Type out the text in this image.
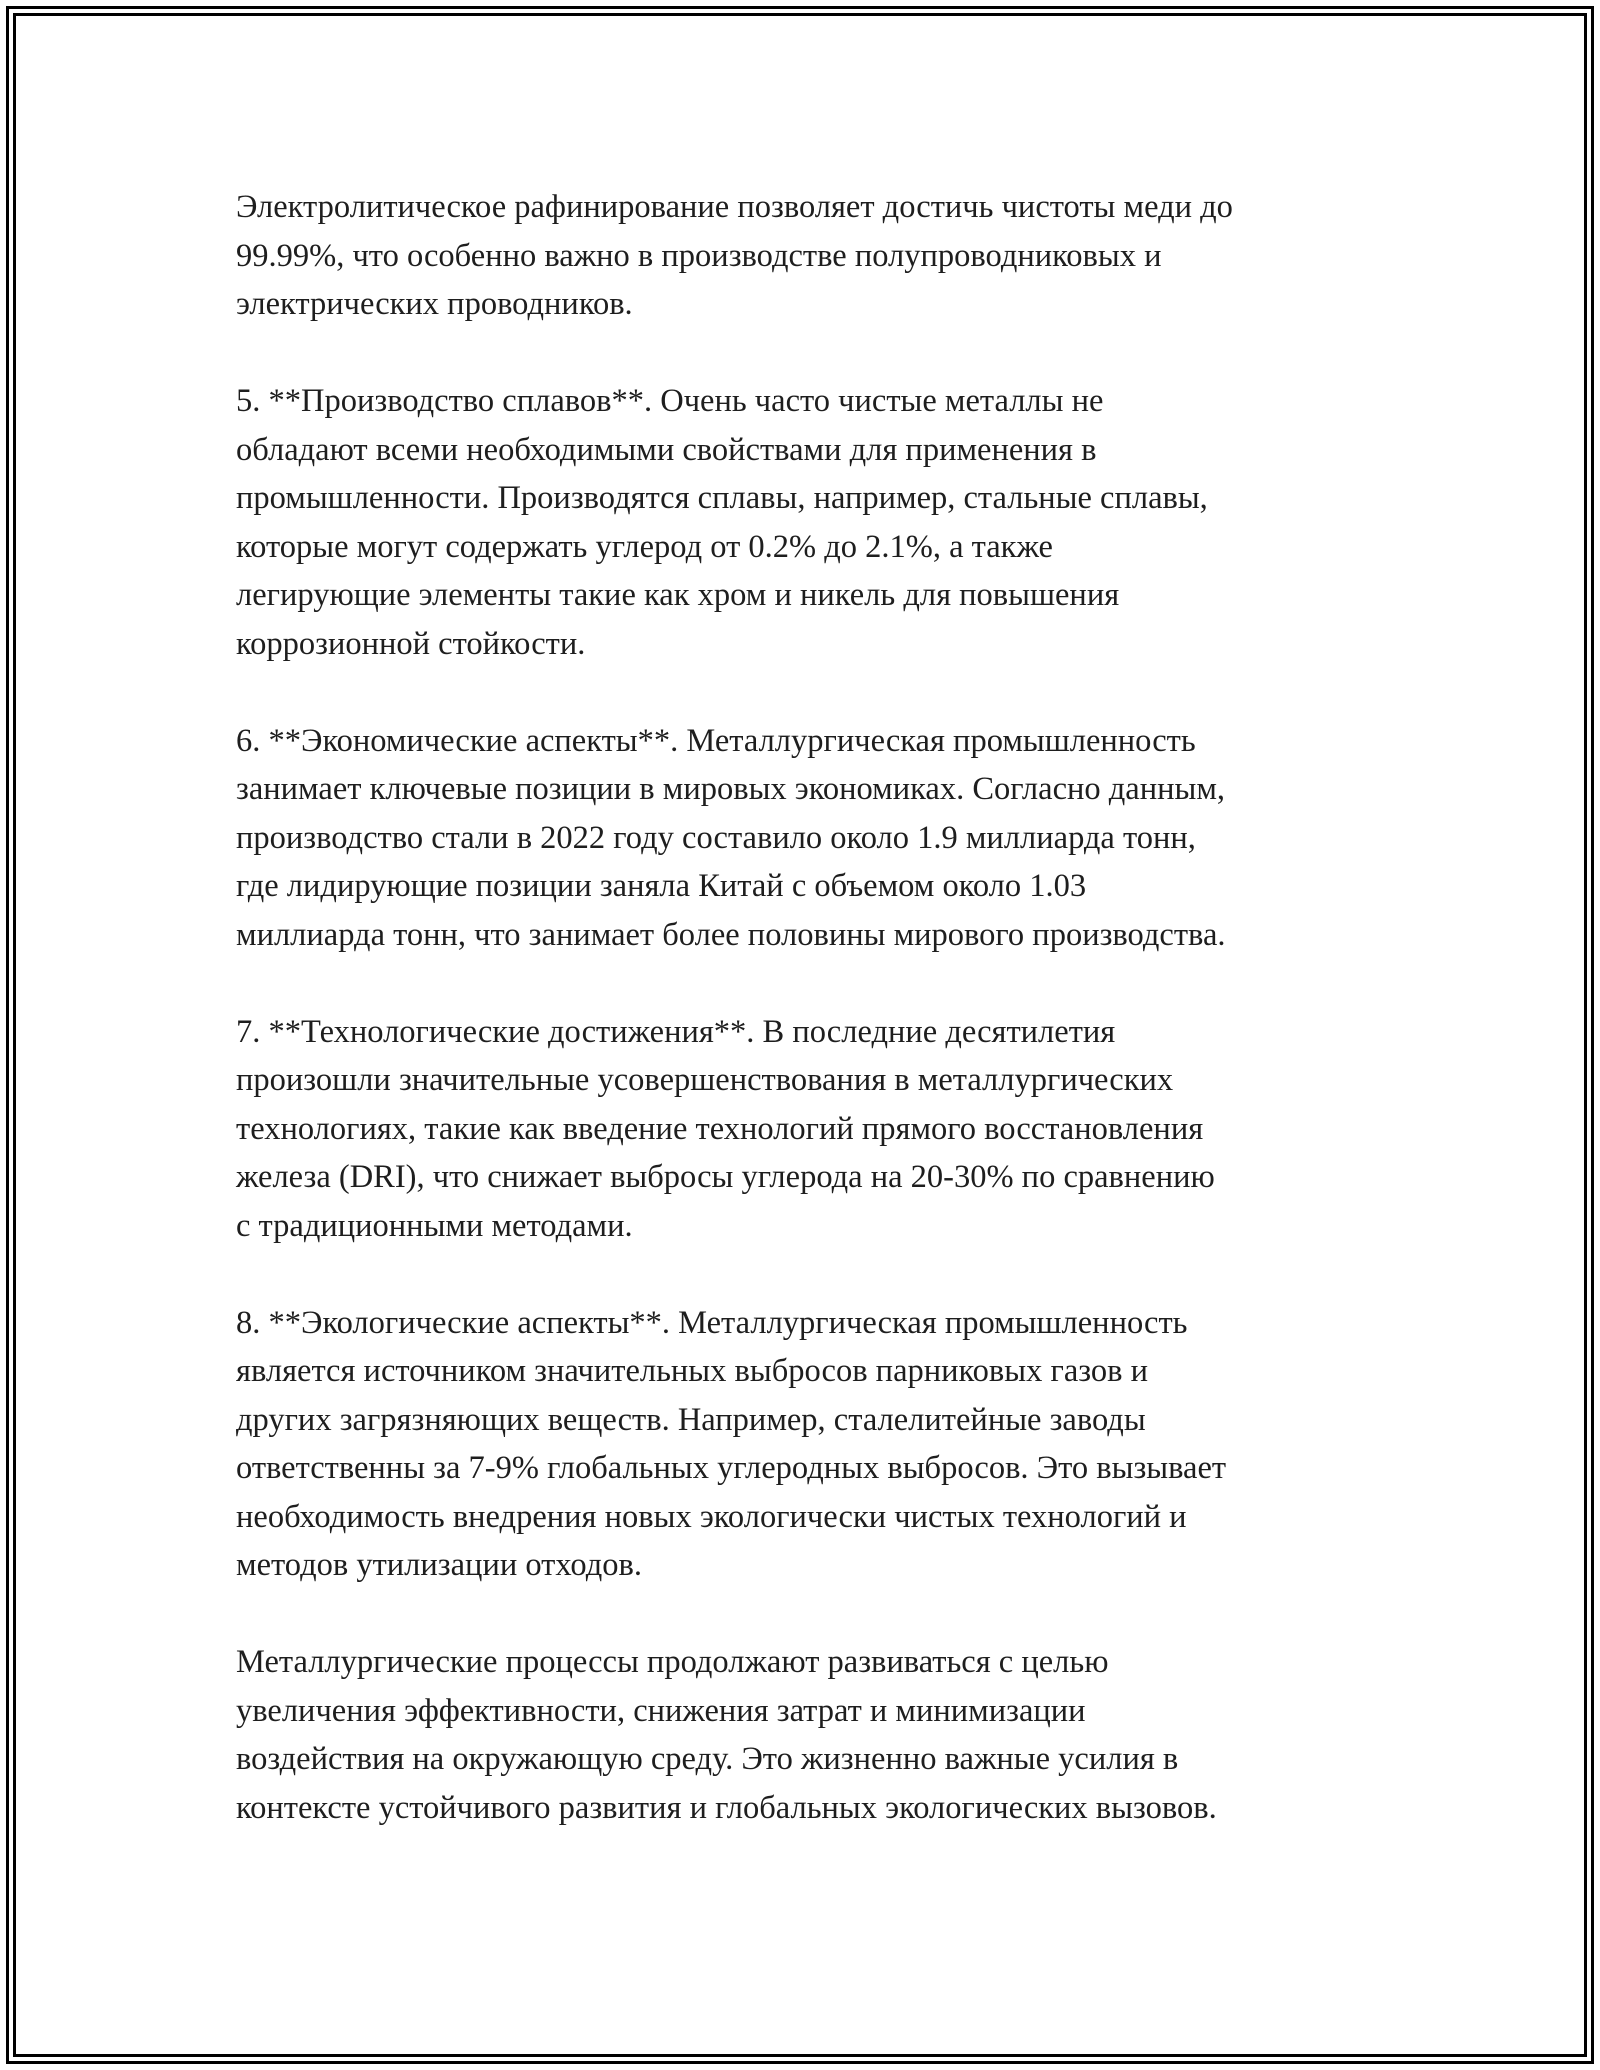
Электролитическое рафинирование позволяет достичь чистоты меди до
99.99%, что особенно важно в производстве полупроводниковых и
электрических проводников.

5. **Производство сплавов**. Очень часто чистые металлы не
обладают всеми необходимыми свойствами для применения в
промышленности. Производятся сплавы, например, стальные сплавы,
которые могут содержать углерод от 0.2% до 2.1%, а также
легирующие элементы такие как хром и никель для повышения
коррозионной стойкости.

6. **Экономические аспекты**. Металлургическая промышленность
занимает ключевые позиции в мировых экономиках. Согласно данным,
производство стали в 2022 году составило около 1.9 миллиарда тонн,
где лидирующие позиции заняла Китай с объемом около 1.03
миллиарда тонн, что занимает более половины мирового производства.

7. **Технологические достижения**. В последние десятилетия
произошли значительные усовершенствования в металлургических
технологиях, такие как введение технологий прямого восстановления
железа (DRI), что снижает выбросы углерода на 20-30% по сравнению
с традиционными методами.

8. **Экологические аспекты**. Металлургическая промышленность
является источником значительных выбросов парниковых газов и
других загрязняющих веществ. Например, сталелитейные заводы
ответственны за 7-9% глобальных углеродных выбросов. Это вызывает
необходимость внедрения новых экологически чистых технологий и
методов утилизации отходов.

Металлургические процессы продолжают развиваться с целью
увеличения эффективности, снижения затрат и минимизации
воздействия на окружающую среду. Это жизненно важные усилия в
контексте устойчивого развития и глобальных экологических вызовов.
